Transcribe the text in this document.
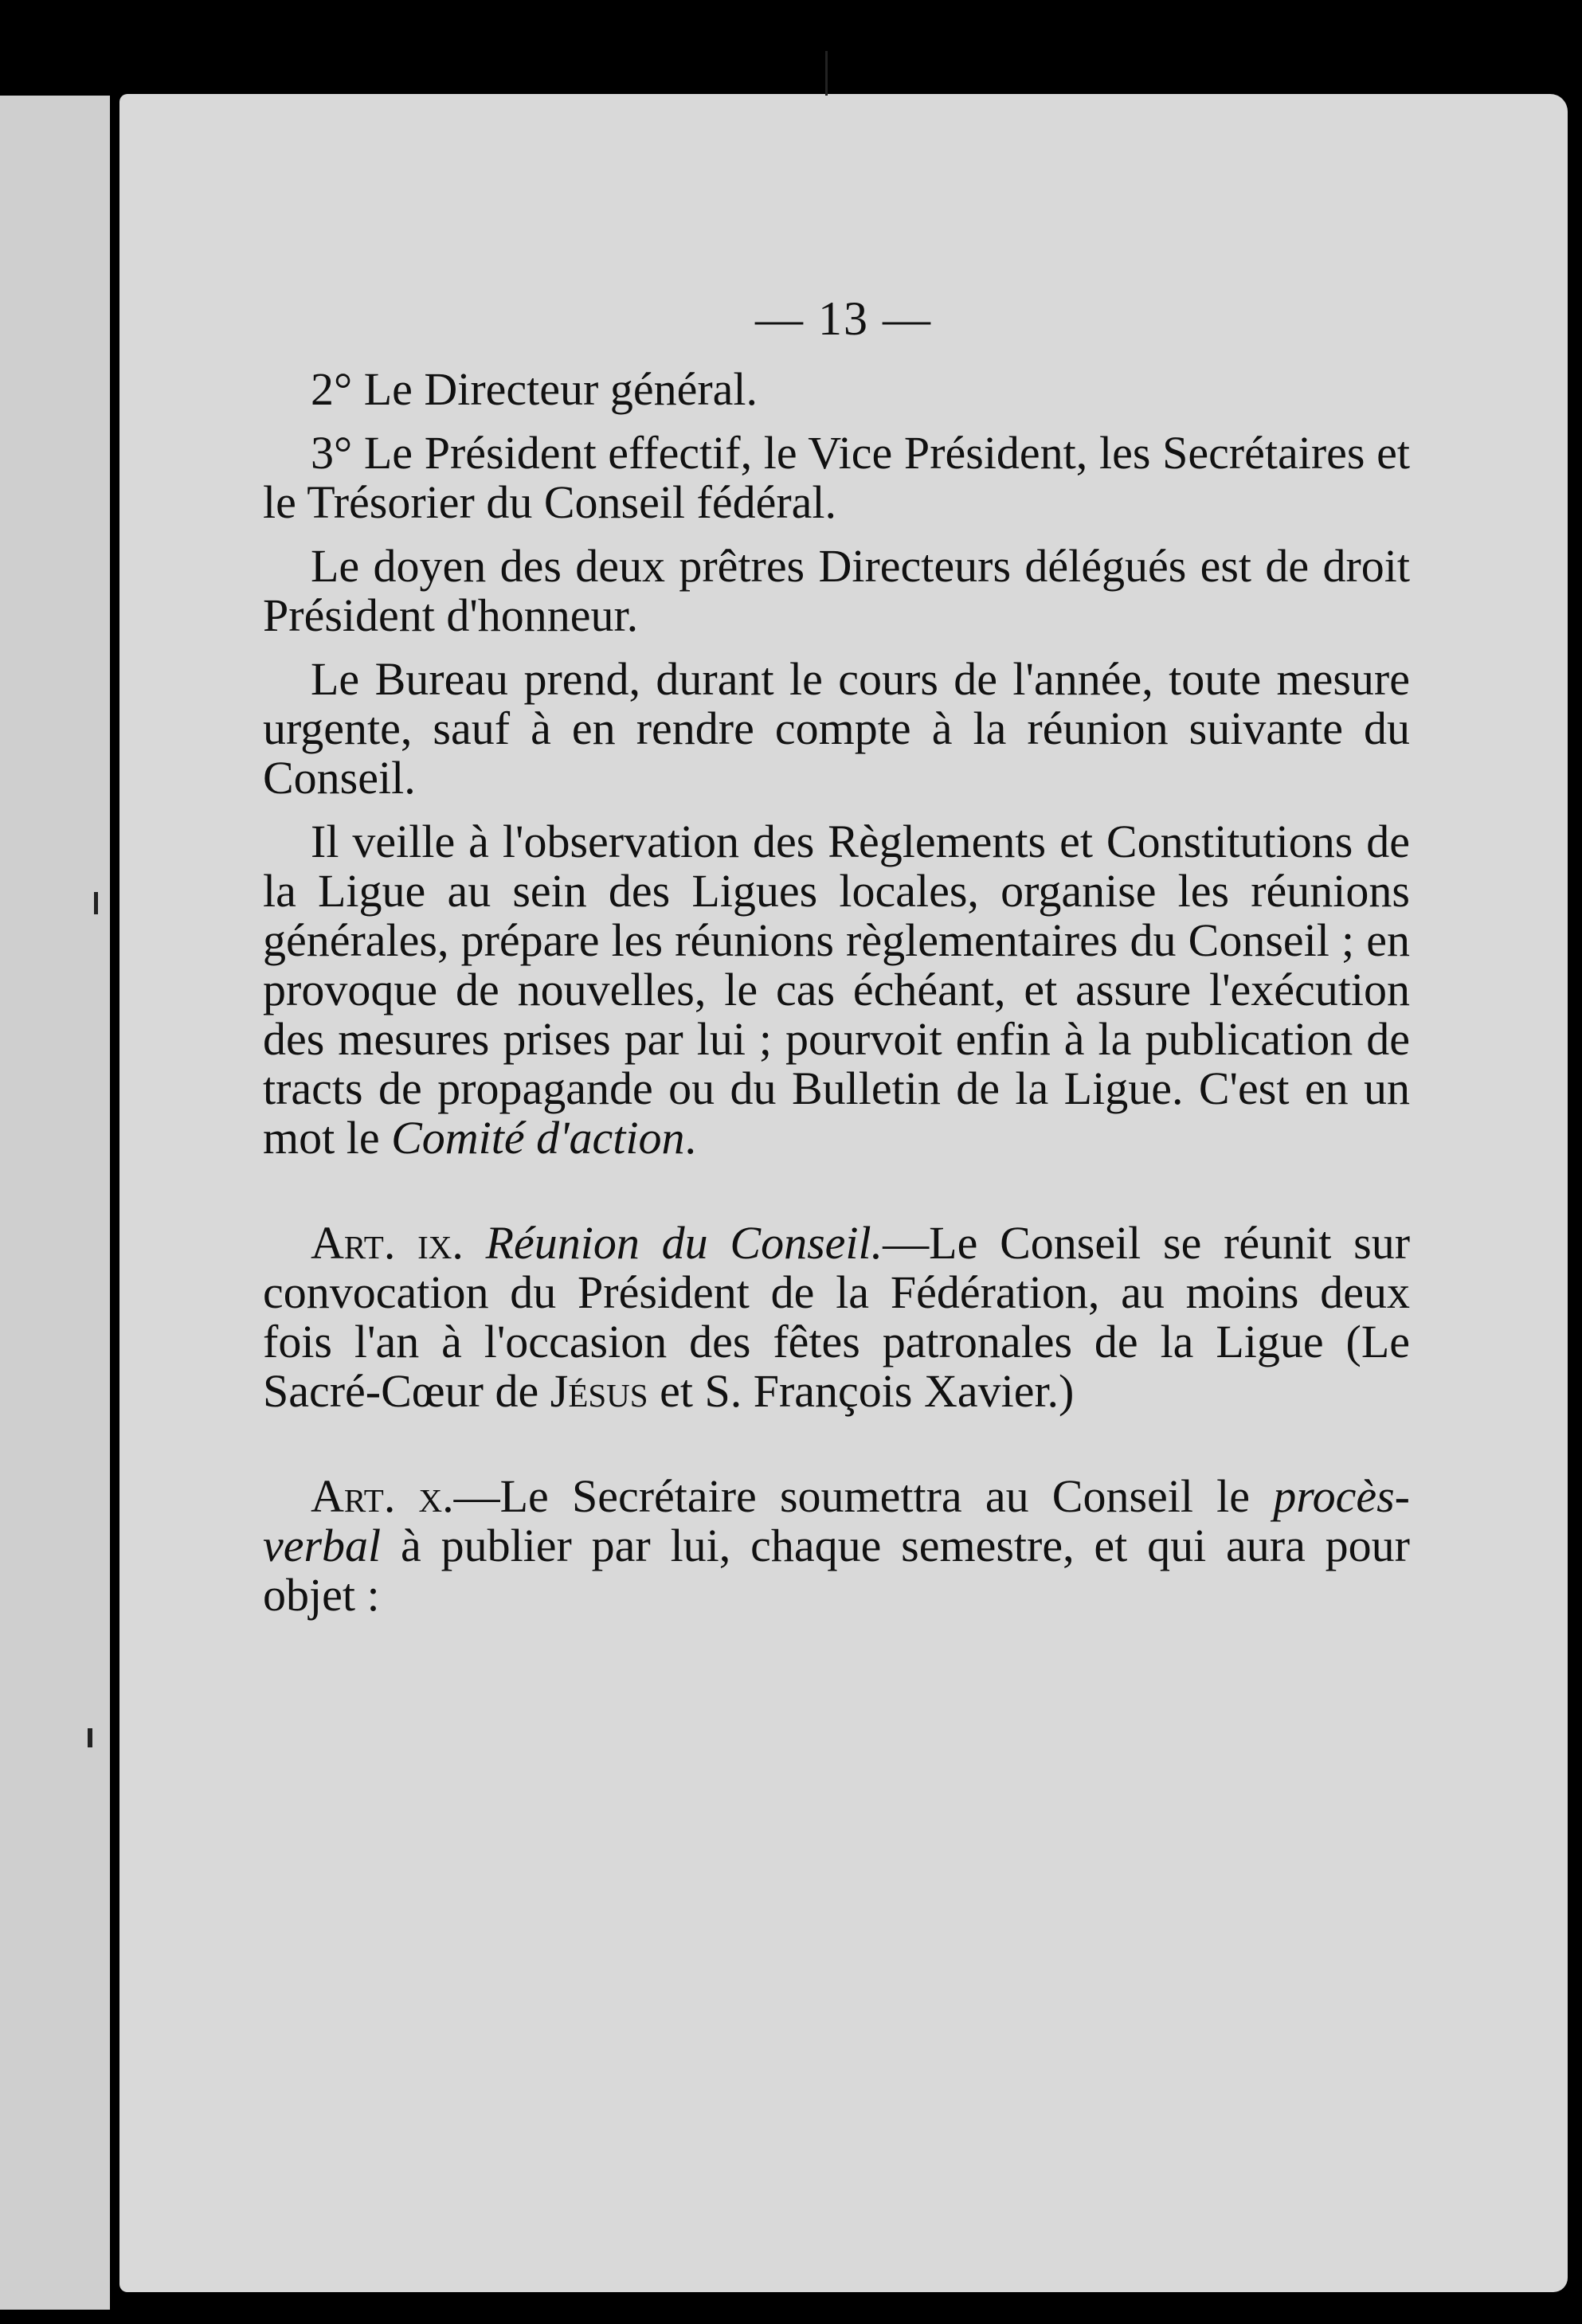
— 13 —

2° Le Directeur général.

3° Le Président effectif, le Vice Président, les Secrétaires et le Trésorier du Conseil fédéral.

Le doyen des deux prêtres Directeurs délégués est de droit Président d'honneur.

Le Bureau prend, durant le cours de l'année, toute mesure urgente, sauf à en rendre compte à la réunion suivante du Conseil.

Il veille à l'observation des Règlements et Constitutions de la Ligue au sein des Ligues locales, organise les réunions générales, prépare les réunions règlementaires du Conseil ; en provoque de nouvelles, le cas échéant, et assure l'exécution des mesures prises par lui ; pourvoit enfin à la publication de tracts de propagande ou du Bulletin de la Ligue. C'est en un mot le Comité d'action.

Art. ix. Réunion du Conseil.—Le Conseil se réunit sur convocation du Président de la Fédération, au moins deux fois l'an à l'occasion des fêtes patronales de la Ligue (Le Sacré-Cœur de Jésus et S. François Xavier.)

Art. x.—Le Secrétaire soumettra au Conseil le procès-verbal à publier par lui, chaque semestre, et qui aura pour objet :
